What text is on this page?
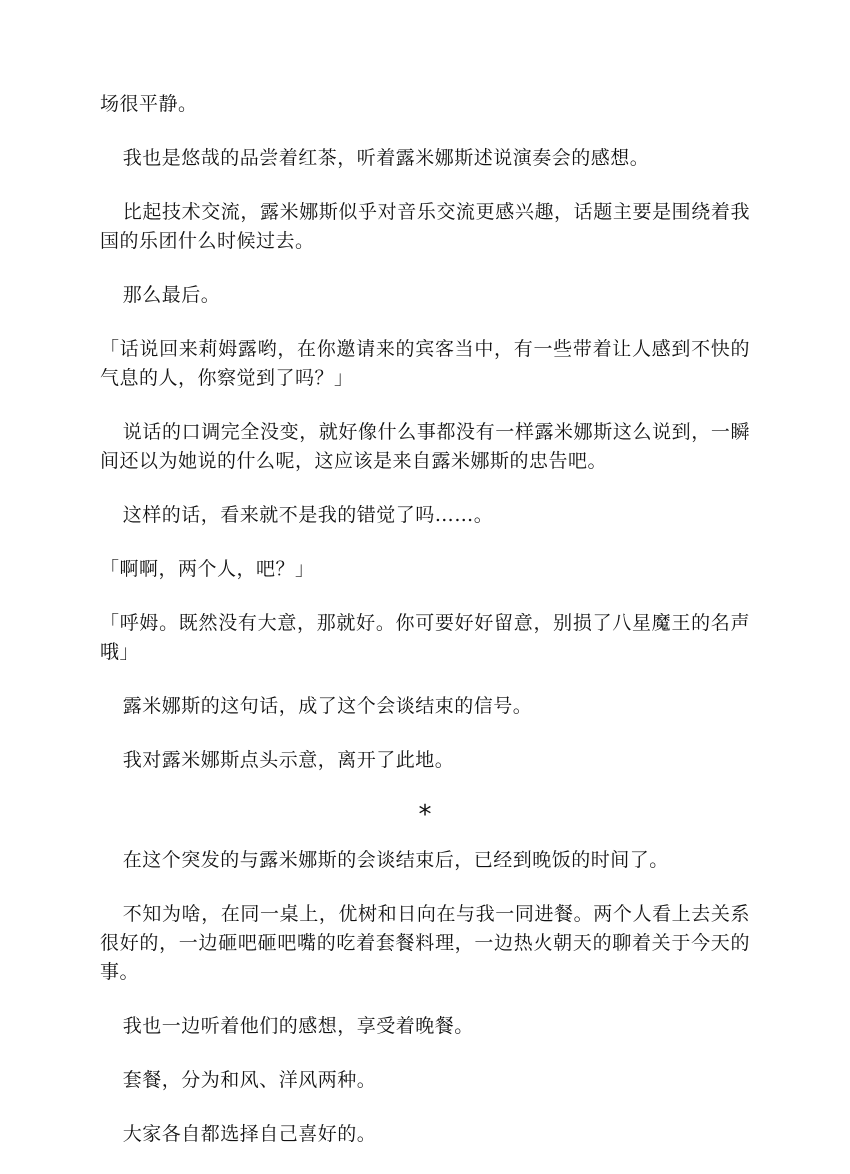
场很平静。

我也是悠哉的品尝着红茶，听着露米娜斯述说演奏会的感想。

比起技术交流，露米娜斯似乎对音乐交流更感兴趣，话题主要是围绕着我国的乐团什么时候过去。

那么最后。

「话说回来莉姆露哟，在你邀请来的宾客当中，有一些带着让人感到不快的气息的人，你察觉到了吗？」

说话的口调完全没变，就好像什么事都没有一样露米娜斯这么说到，一瞬间还以为她说的什么呢，这应该是来自露米娜斯的忠告吧。

这样的话，看来就不是我的错觉了吗……。

「啊啊，两个人，吧？」

「呼姆。既然没有大意，那就好。你可要好好留意，别损了八星魔王的名声哦」

露米娜斯的这句话，成了这个会谈结束的信号。

我对露米娜斯点头示意，离开了此地。

*

在这个突发的与露米娜斯的会谈结束后，已经到晚饭的时间了。

不知为啥，在同一桌上，优树和日向在与我一同进餐。两个人看上去关系很好的，一边砸吧砸吧嘴的吃着套餐料理，一边热火朝天的聊着关于今天的事。

我也一边听着他们的感想，享受着晚餐。

套餐，分为和风、洋风两种。

大家各自都选择自己喜好的。
